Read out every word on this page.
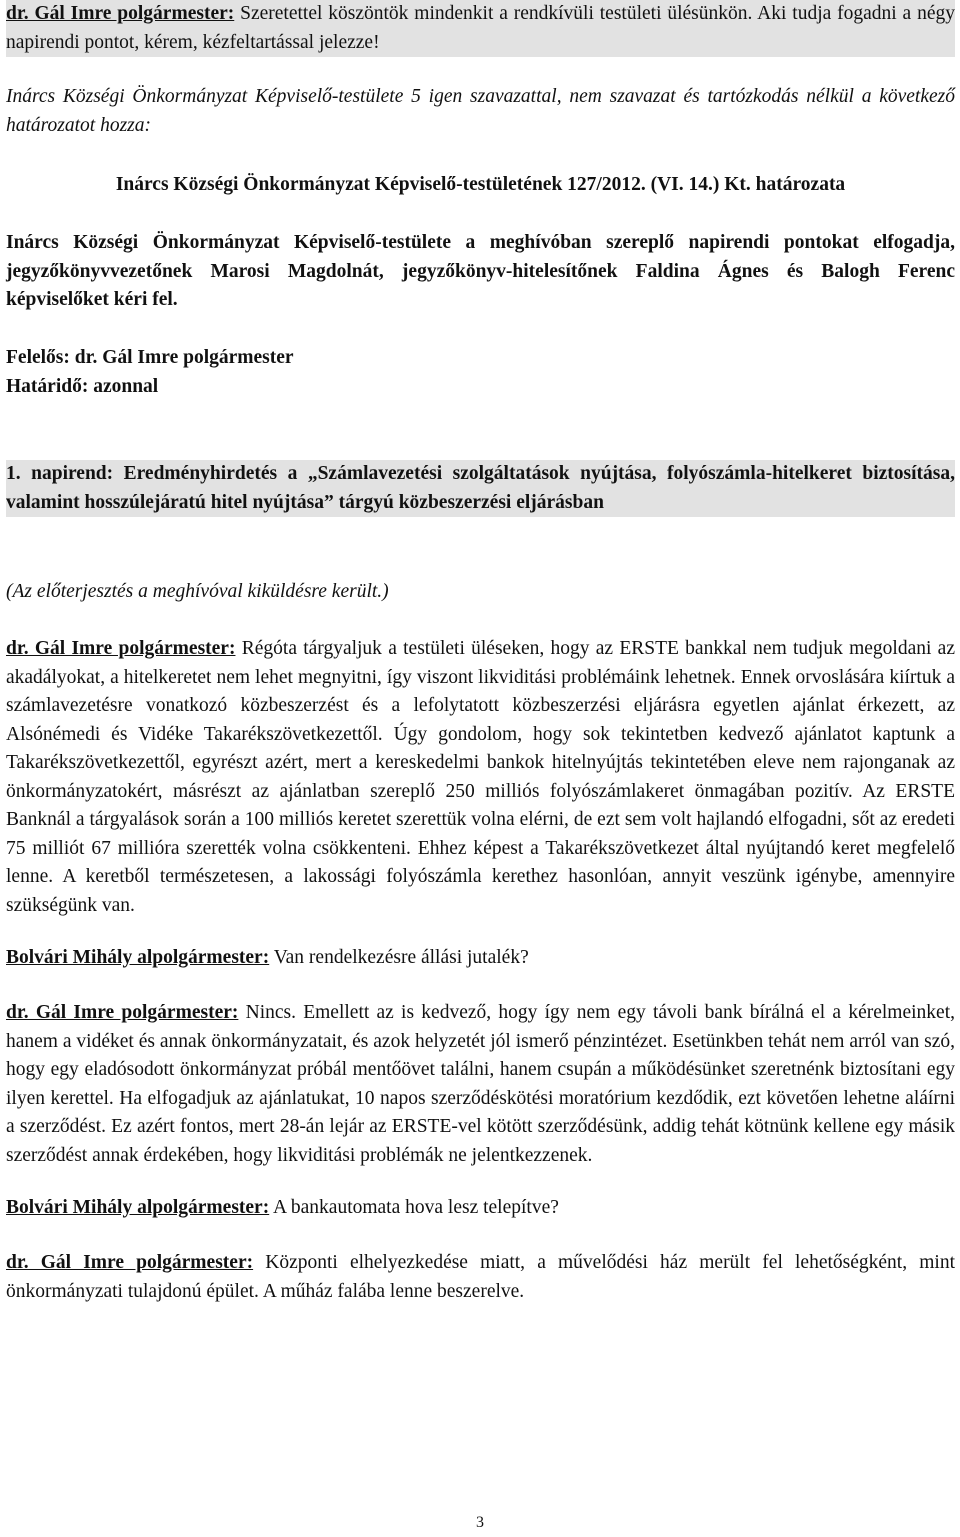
dr. Gál Imre polgármester: Szeretettel köszöntök mindenkit a rendkívüli testületi ülésünkön. Aki tudja fogadni a négy napirendi pontot, kérem, kézfeltartással jelezze!

Inárcs Községi Önkormányzat Képviselő-testülete 5 igen szavazattal, nem szavazat és tartózkodás nélkül a következő határozatot hozza:

Inárcs Községi Önkormányzat Képviselő-testületének 127/2012. (VI. 14.) Kt. határozata

Inárcs Községi Önkormányzat Képviselő-testülete a meghívóban szereplő napirendi pontokat elfogadja, jegyzőkönyvvezetőnek Marosi Magdolnát, jegyzőkönyv-hitelesítőnek Faldina Ágnes és Balogh Ferenc képviselőket kéri fel.

Felelős: dr. Gál Imre polgármester

Határidő: azonnal

1. napirend: Eredményhirdetés a „Számlavezetési szolgáltatások nyújtása, folyószámla-hitelkeret biztosítása, valamint hosszúlejáratú hitel nyújtása” tárgyú közbeszerzési eljárásban

(Az előterjesztés a meghívóval kiküldésre került.)

dr. Gál Imre polgármester: Régóta tárgyaljuk a testületi üléseken, hogy az ERSTE bankkal nem tudjuk megoldani az akadályokat, a hitelkeretet nem lehet megnyitni, így viszont likviditási problémáink lehetnek. Ennek orvoslására kiírtuk a számlavezetésre vonatkozó közbeszerzést és a lefolytatott közbeszerzési eljárásra egyetlen ajánlat érkezett, az Alsónémedi és Vidéke Takarékszövetkezettől. Úgy gondolom, hogy sok tekintetben kedvező ajánlatot kaptunk a Takarékszövetkezettől, egyrészt azért, mert a kereskedelmi bankok hitelnyújtás tekintetében eleve nem rajonganak az önkormányzatokért, másrészt az ajánlatban szereplő 250 milliós folyószámlakeret önmagában pozitív. Az ERSTE Banknál a tárgyalások során a 100 milliós keretet szerettük volna elérni, de ezt sem volt hajlandó elfogadni, sőt az eredeti 75 milliót 67 millióra szerették volna csökkenteni. Ehhez képest a Takarékszövetkezet által nyújtandó keret megfelelő lenne. A keretből természetesen, a lakossági folyószámla kerethez hasonlóan, annyit veszünk igénybe, amennyire szükségünk van.

Bolvári Mihály alpolgármester: Van rendelkezésre állási jutalék?

dr. Gál Imre polgármester: Nincs. Emellett az is kedvező, hogy így nem egy távoli bank bírálná el a kérelmeinket, hanem a vidéket és annak önkormányzatait, és azok helyzetét jól ismerő pénzintézet. Esetünkben tehát nem arról van szó, hogy egy eladósodott önkormányzat próbál mentőövet találni, hanem csupán a működésünket szeretnénk biztosítani egy ilyen kerettel. Ha elfogadjuk az ajánlatukat, 10 napos szerződéskötési moratórium kezdődik, ezt követően lehetne aláírni a szerződést. Ez azért fontos, mert 28-án lejár az ERSTE-vel kötött szerződésünk, addig tehát kötnünk kellene egy másik szerződést annak érdekében, hogy likviditási problémák ne jelentkezzenek.

Bolvári Mihály alpolgármester: A bankautomata hova lesz telepítve?

dr. Gál Imre polgármester: Központi elhelyezkedése miatt, a művelődési ház merült fel lehetőségként, mint önkormányzati tulajdonú épület. A műház falába lenne beszerelve.

3
